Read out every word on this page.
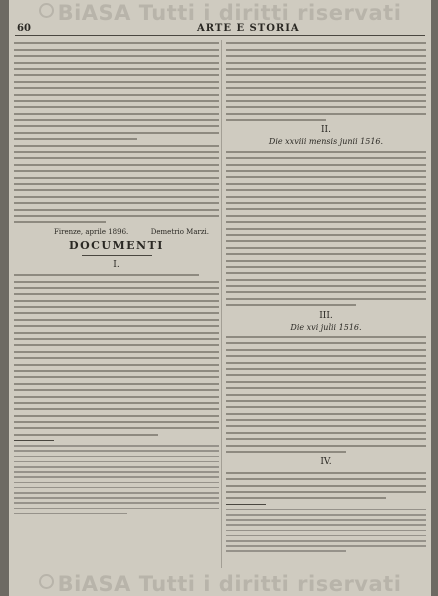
BiASA Tutti i diritti riservati
60	ARTE E STORIA
Firenze, aprile 1896.	Demetrio Marzi.
DOCUMENTI
I.
II.
Die xxviii mensis junii 1516.
III.
Die xvi julii 1516.
IV.
BiASA Tutti i diritti riservati
